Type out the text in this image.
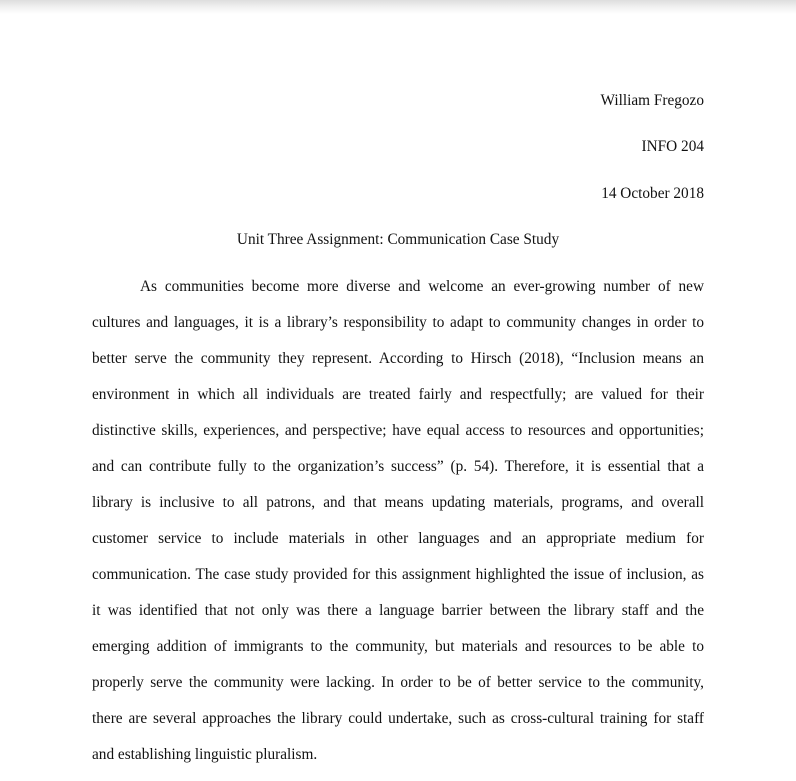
William Fregozo
INFO 204
14 October 2018
Unit Three Assignment: Communication Case Study
As communities become more diverse and welcome an ever-growing number of new
cultures and languages, it is a library’s responsibility to adapt to community changes in order to
better serve the community they represent. According to Hirsch (2018), “Inclusion means an
environment in which all individuals are treated fairly and respectfully; are valued for their
distinctive skills, experiences, and perspective; have equal access to resources and opportunities;
and can contribute fully to the organization’s success” (p. 54). Therefore, it is essential that a
library is inclusive to all patrons, and that means updating materials, programs, and overall
customer service to include materials in other languages and an appropriate medium for
communication. The case study provided for this assignment highlighted the issue of inclusion, as
it was identified that not only was there a language barrier between the library staff and the
emerging addition of immigrants to the community, but materials and resources to be able to
properly serve the community were lacking. In order to be of better service to the community,
there are several approaches the library could undertake, such as cross-cultural training for staff
and establishing linguistic pluralism.
